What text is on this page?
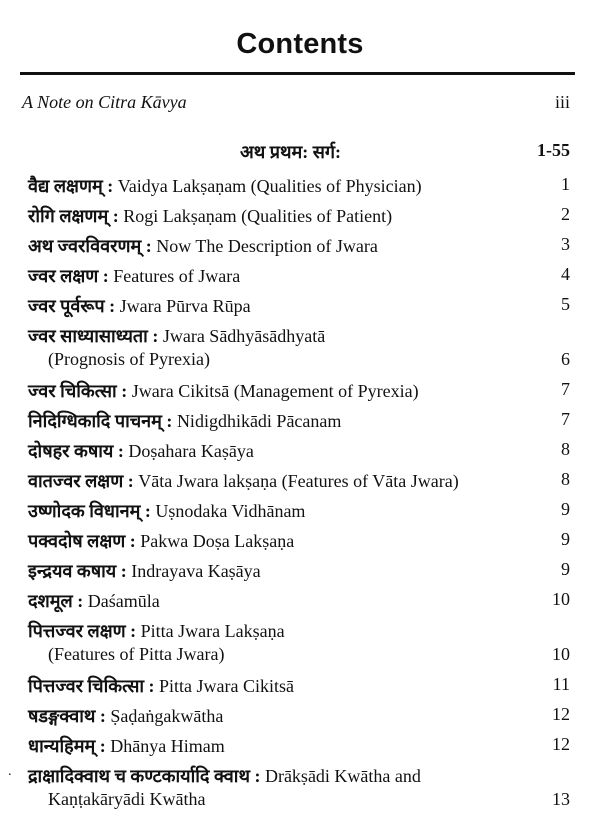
Contents
A Note on Citra Kāvya	iii
अथ प्रथम: सर्ग:	1-55
वैद्य लक्षणम् : Vaidya Lakṣaṇam (Qualities of Physician)	1
रोगि लक्षणम् : Rogi Lakṣaṇam (Qualities of Patient)	2
अथ ज्वरविवरणम् : Now The Description of Jwara	3
ज्वर लक्षण : Features of Jwara	4
ज्वर पूर्वरूप : Jwara Pūrva Rūpa	5
ज्वर साध्यासाध्यता : Jwara Sādhyāsādhyatā
(Prognosis of Pyrexia)	6
ज्वर चिकित्सा : Jwara Cikitsā (Management of Pyrexia)	7
निदिग्धिकादि पाचनम् : Nidigdhikādi Pācanam	7
दोषहर कषाय : Doṣahara Kaṣāya	8
वातज्वर लक्षण : Vāta Jwara lakṣaṇa (Features of Vāta Jwara)	8
उष्णोदक विधानम् : Uṣnodaka Vidhānam	9
पक्वदोष लक्षण : Pakwa Doṣa Lakṣaṇa	9
इन्द्रयव कषाय : Indrayava Kaṣāya	9
दशमूल : Daśamūla	10
पित्तज्वर लक्षण : Pitta Jwara Lakṣaṇa
(Features of Pitta Jwara)	10
पित्तज्वर चिकित्सा : Pitta Jwara Cikitsā	11
षडङ्गक्वाथ : Ṣaḍaṅgakwātha	12
धान्यहिमम् : Dhānya Himam	12
. द्राक्षादिक्वाथ च कण्टकार्यादि क्वाथ : Drākṣādi Kwātha and
Kaṇṭakāryādi Kwātha	13
